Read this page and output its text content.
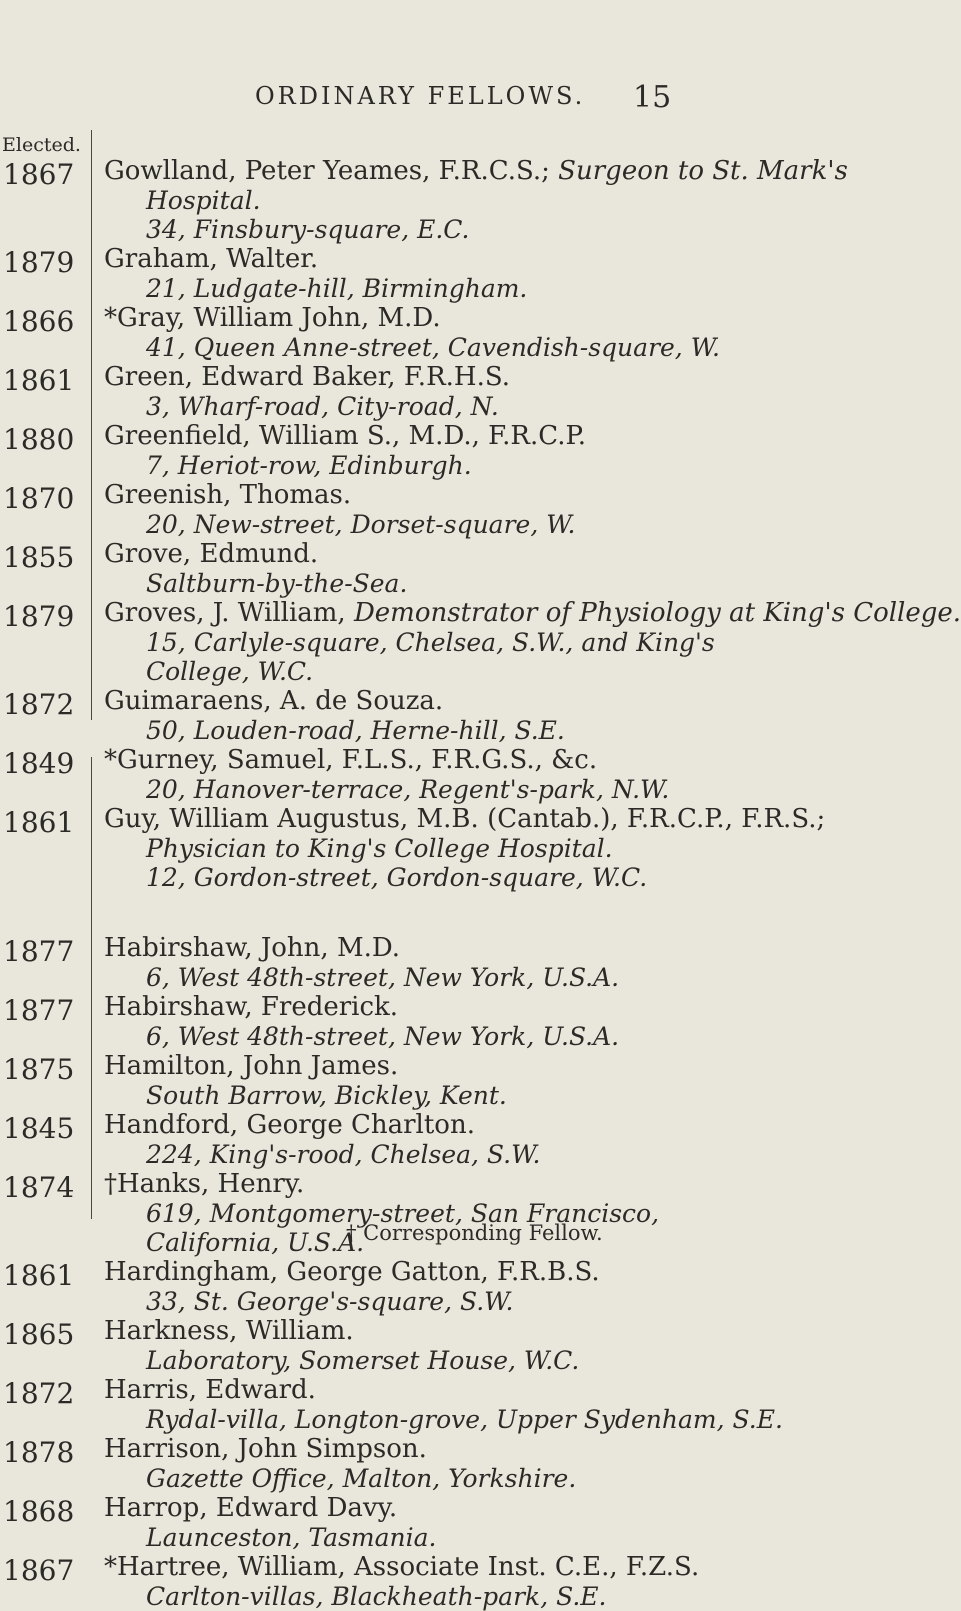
ORDINARY FELLOWS. 15
Elected.
1867 Gowlland, Peter Yeames, F.R.C.S.; Surgeon to St. Mark's
Hospital.
34, Finsbury-square, E.C.
1879 Graham, Walter.
21, Ludgate-hill, Birmingham.
1866 *Gray, William John, M.D.
41, Queen Anne-street, Cavendish-square, W.
1861 Green, Edward Baker, F.R.H.S.
3, Wharf-road, City-road, N.
1880 Greenfield, William S., M.D., F.R.C.P.
7, Heriot-row, Edinburgh.
1870 Greenish, Thomas.
20, New-street, Dorset-square, W.
1855 Grove, Edmund.
Saltburn-by-the-Sea.
1879 Groves, J. William, Demonstrator of Physiology at King's College.
15, Carlyle-square, Chelsea, S.W., and King's College, W.C.
1872 Guimaraens, A. de Souza.
50, Louden-road, Herne-hill, S.E.
1849 *Gurney, Samuel, F.L.S., F.R.G.S., &c.
20, Hanover-terrace, Regent's-park, N.W.
1861 Guy, William Augustus, M.B. (Cantab.), F.R.C.P., F.R.S.;
Physician to King's College Hospital.
12, Gordon-street, Gordon-square, W.C.
1877 Habirshaw, John, M.D.
6, West 48th-street, New York, U.S.A.
1877 Habirshaw, Frederick.
6, West 48th-street, New York, U.S.A.
1875 Hamilton, John James.
South Barrow, Bickley, Kent.
1845 Handford, George Charlton.
224, King's-rood, Chelsea, S.W.
1874 †Hanks, Henry.
619, Montgomery-street, San Francisco, California, U.S.A.
1861 Hardingham, George Gatton, F.R.B.S.
33, St. George's-square, S.W.
1865 Harkness, William.
Laboratory, Somerset House, W.C.
1872 Harris, Edward.
Rydal-villa, Longton-grove, Upper Sydenham, S.E.
1878 Harrison, John Simpson.
Gazette Office, Malton, Yorkshire.
1868 Harrop, Edward Davy.
Launceston, Tasmania.
1867 *Hartree, William, Associate Inst. C.E., F.Z.S.
Carlton-villas, Blackheath-park, S.E.
† Corresponding Fellow.
